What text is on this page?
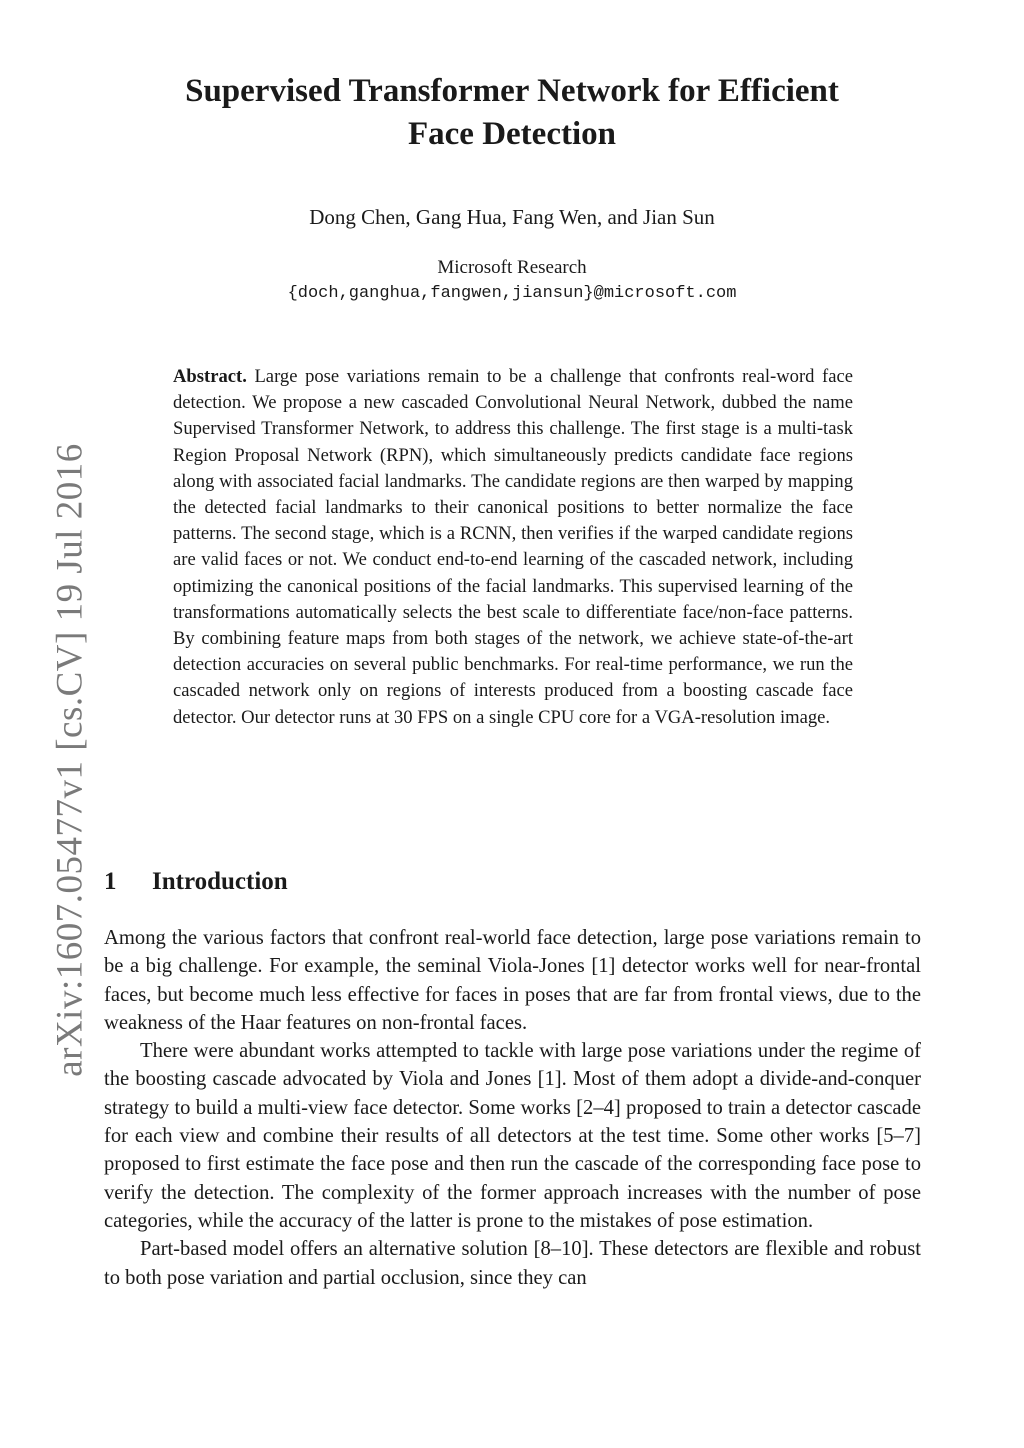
arXiv:1607.05477v1 [cs.CV] 19 Jul 2016
Supervised Transformer Network for Efficient
Face Detection
Dong Chen, Gang Hua, Fang Wen, and Jian Sun
Microsoft Research
{doch,ganghua,fangwen,jiansun}@microsoft.com
Abstract. Large pose variations remain to be a challenge that confronts real-word face detection. We propose a new cascaded Convolutional Neural Network, dubbed the name Supervised Transformer Network, to address this challenge. The first stage is a multi-task Region Proposal Network (RPN), which simultaneously predicts candidate face regions along with associated facial landmarks. The candidate regions are then warped by mapping the detected facial landmarks to their canonical positions to better normalize the face patterns. The second stage, which is a RCNN, then verifies if the warped candidate regions are valid faces or not. We conduct end-to-end learning of the cascaded network, including optimizing the canonical positions of the facial landmarks. This supervised learning of the transformations automatically selects the best scale to differentiate face/non-face patterns. By combining feature maps from both stages of the network, we achieve state-of-the-art detection accuracies on several public benchmarks. For real-time performance, we run the cascaded network only on regions of interests produced from a boosting cascade face detector. Our detector runs at 30 FPS on a single CPU core for a VGA-resolution image.
1 Introduction

Among the various factors that confront real-world face detection, large pose variations remain to be a big challenge. For example, the seminal Viola-Jones [1] detector works well for near-frontal faces, but become much less effective for faces in poses that are far from frontal views, due to the weakness of the Haar features on non-frontal faces.

There were abundant works attempted to tackle with large pose variations under the regime of the boosting cascade advocated by Viola and Jones [1]. Most of them adopt a divide-and-conquer strategy to build a multi-view face detector. Some works [2–4] proposed to train a detector cascade for each view and combine their results of all detectors at the test time. Some other works [5–7] proposed to first estimate the face pose and then run the cascade of the corresponding face pose to verify the detection. The complexity of the former approach increases with the number of pose categories, while the accuracy of the latter is prone to the mistakes of pose estimation.

Part-based model offers an alternative solution [8–10]. These detectors are flexible and robust to both pose variation and partial occlusion, since they can
